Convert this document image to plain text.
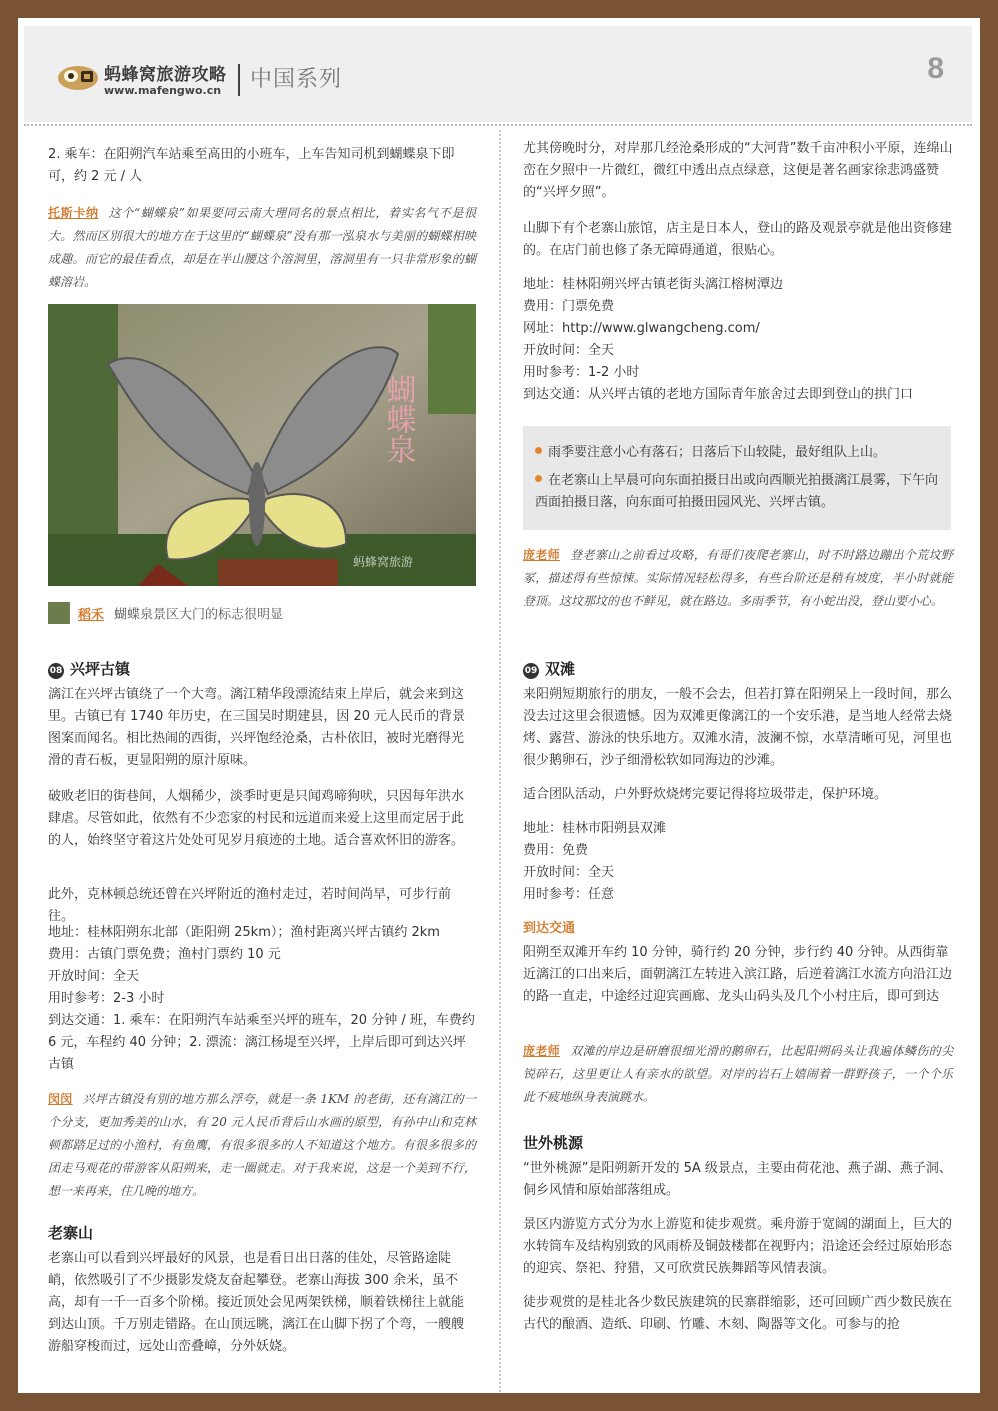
蚂蜂窝旅游攻略
www.mafengwo.cn 中国系列	8

2. 乘车：在阳朔汽车站乘至高田的小班车，上车告知司机到蝴蝶泉下即可，约 2 元 / 人

托斯卡纳 这个“蝴蝶泉”如果要同云南大理同名的景点相比，着实名气不是很大。然而区别很大的地方在于这里的“蝴蝶泉”没有那一泓泉水与美丽的蝴蝶相映成趣。而它的最佳看点，却是在半山腰这个溶洞里，溶洞里有一只非常形象的蝴蝶溶岩。
蝴蝶泉
蚂蜂窝旅游
稻禾 蝴蝶泉景区大门的标志很明显
08 兴坪古镇

漓江在兴坪古镇绕了一个大弯。漓江精华段漂流结束上岸后，就会来到这里。古镇已有 1740 年历史，在三国吴时期建县，因 20 元人民币的背景图案而闻名。相比热闹的西街，兴坪饱经沧桑，古朴依旧，被时光磨得光滑的青石板，更显阳朔的原汁原味。

破败老旧的街巷间，人烟稀少，淡季时更是只闻鸡啼狗吠，只因每年洪水肆虐。尽管如此，依然有不少恋家的村民和远道而来爱上这里而定居于此的人，始终坚守着这片处处可见岁月痕迹的土地。适合喜欢怀旧的游客。

此外，克林顿总统还曾在兴坪附近的渔村走过，若时间尚早，可步行前往。

地址：桂林阳朔东北部（距阳朔 25km）；渔村距离兴坪古镇约 2km

费用：古镇门票免费；渔村门票约 10 元

开放时间：全天

用时参考：2-3 小时

到达交通：1. 乘车：在阳朔汽车站乘至兴坪的班车，20 分钟 / 班，车费约 6 元，车程约 40 分钟；2. 漂流：漓江杨堤至兴坪，上岸后即可到达兴坪古镇

闵闵 兴坪古镇没有别的地方那么浮夸，就是一条 1KM 的老街，还有漓江的一个分支，更加秀美的山水，有 20 元人民币背后山水画的原型，有孙中山和克林顿都踏足过的小渔村，有鱼鹰，有很多很多的人不知道这个地方。有很多很多的团走马观花的带游客从阳朔来，走一圈就走。对于我来说，这是一个美到不行，想一来再来，住几晚的地方。
老寨山

老寨山可以看到兴坪最好的风景，也是看日出日落的佳处，尽管路途陡峭，依然吸引了不少摄影发烧友奋起攀登。老寨山海拔 300 余米，虽不高，却有一千一百多个阶梯。接近顶处会见两架铁梯，顺着铁梯往上就能到达山顶。千万别走错路。在山顶远眺，漓江在山脚下拐了个弯，一艘艘游船穿梭而过，远处山峦叠嶂，分外妖娆。

尤其傍晚时分，对岸那几经沧桑形成的“大河背”数千亩冲积小平原，连绵山峦在夕照中一片微红，微红中透出点点绿意，这便是著名画家徐悲鸿盛赞的“兴坪夕照”。

山脚下有个老寨山旅馆，店主是日本人，登山的路及观景亭就是他出资修建的。在店门前也修了条无障碍通道，很贴心。

地址：桂林阳朔兴坪古镇老街头漓江榕树潭边

费用：门票免费

网址：http://www.glwangcheng.com/

开放时间：全天

用时参考：1-2 小时

到达交通：从兴坪古镇的老地方国际青年旅舍过去即到登山的拱门口

雨季要注意小心有落石；日落后下山较陡，最好组队上山。
在老寨山上早晨可向东面拍摄日出或向西顺光拍摄漓江晨雾，下午向西面拍摄日落，向东面可拍摄田园风光、兴坪古镇。
庞老师 登老寨山之前看过攻略，有哥们夜爬老寨山，时不时路边蹦出个荒坟野冢，描述得有些惊悚。实际情况轻松得多，有些台阶还是稍有坡度，半小时就能登顶。这坟那坟的也不鲜见，就在路边。多雨季节，有小蛇出没，登山要小心。
09 双滩

来阳朔短期旅行的朋友，一般不会去，但若打算在阳朔呆上一段时间，那么没去过这里会很遗憾。因为双滩更像漓江的一个安乐港，是当地人经常去烧烤、露营、游泳的快乐地方。双滩水清，波澜不惊，水草清晰可见，河里也很少鹅卵石，沙子细滑松软如同海边的沙滩。

适合团队活动，户外野炊烧烤完要记得将垃圾带走，保护环境。

地址：桂林市阳朔县双滩

费用：免费

开放时间：全天

用时参考：任意

到达交通

阳朔至双滩开车约 10 分钟，骑行约 20 分钟，步行约 40 分钟。从西街靠近漓江的口出来后，面朝漓江左转进入滨江路，后逆着漓江水流方向沿江边的路一直走，中途经过迎宾画廊、龙头山码头及几个小村庄后，即可到达

庞老师 双滩的岸边是研磨很细光滑的鹅卵石，比起阳朔码头让我遍体鳞伤的尖锐碎石，这里更让人有亲水的欲望。对岸的岩石上嬉闹着一群野孩子，一个个乐此不疲地纵身表演跳水。
世外桃源

“世外桃源”是阳朔新开发的 5A 级景点，主要由荷花池、燕子湖、燕子洞、侗乡风情和原始部落组成。

景区内游览方式分为水上游览和徒步观赏。乘舟游于宽阔的湖面上，巨大的水转筒车及结构别致的风雨桥及铜鼓楼都在视野内；沿途还会经过原始形态的迎宾、祭祀、狩猎，又可欣赏民族舞蹈等风情表演。

徒步观赏的是桂北各少数民族建筑的民寨群缩影，还可回顾广西少数民族在古代的酿酒、造纸、印刷、竹雕、木刻、陶器等文化。可参与的抢
